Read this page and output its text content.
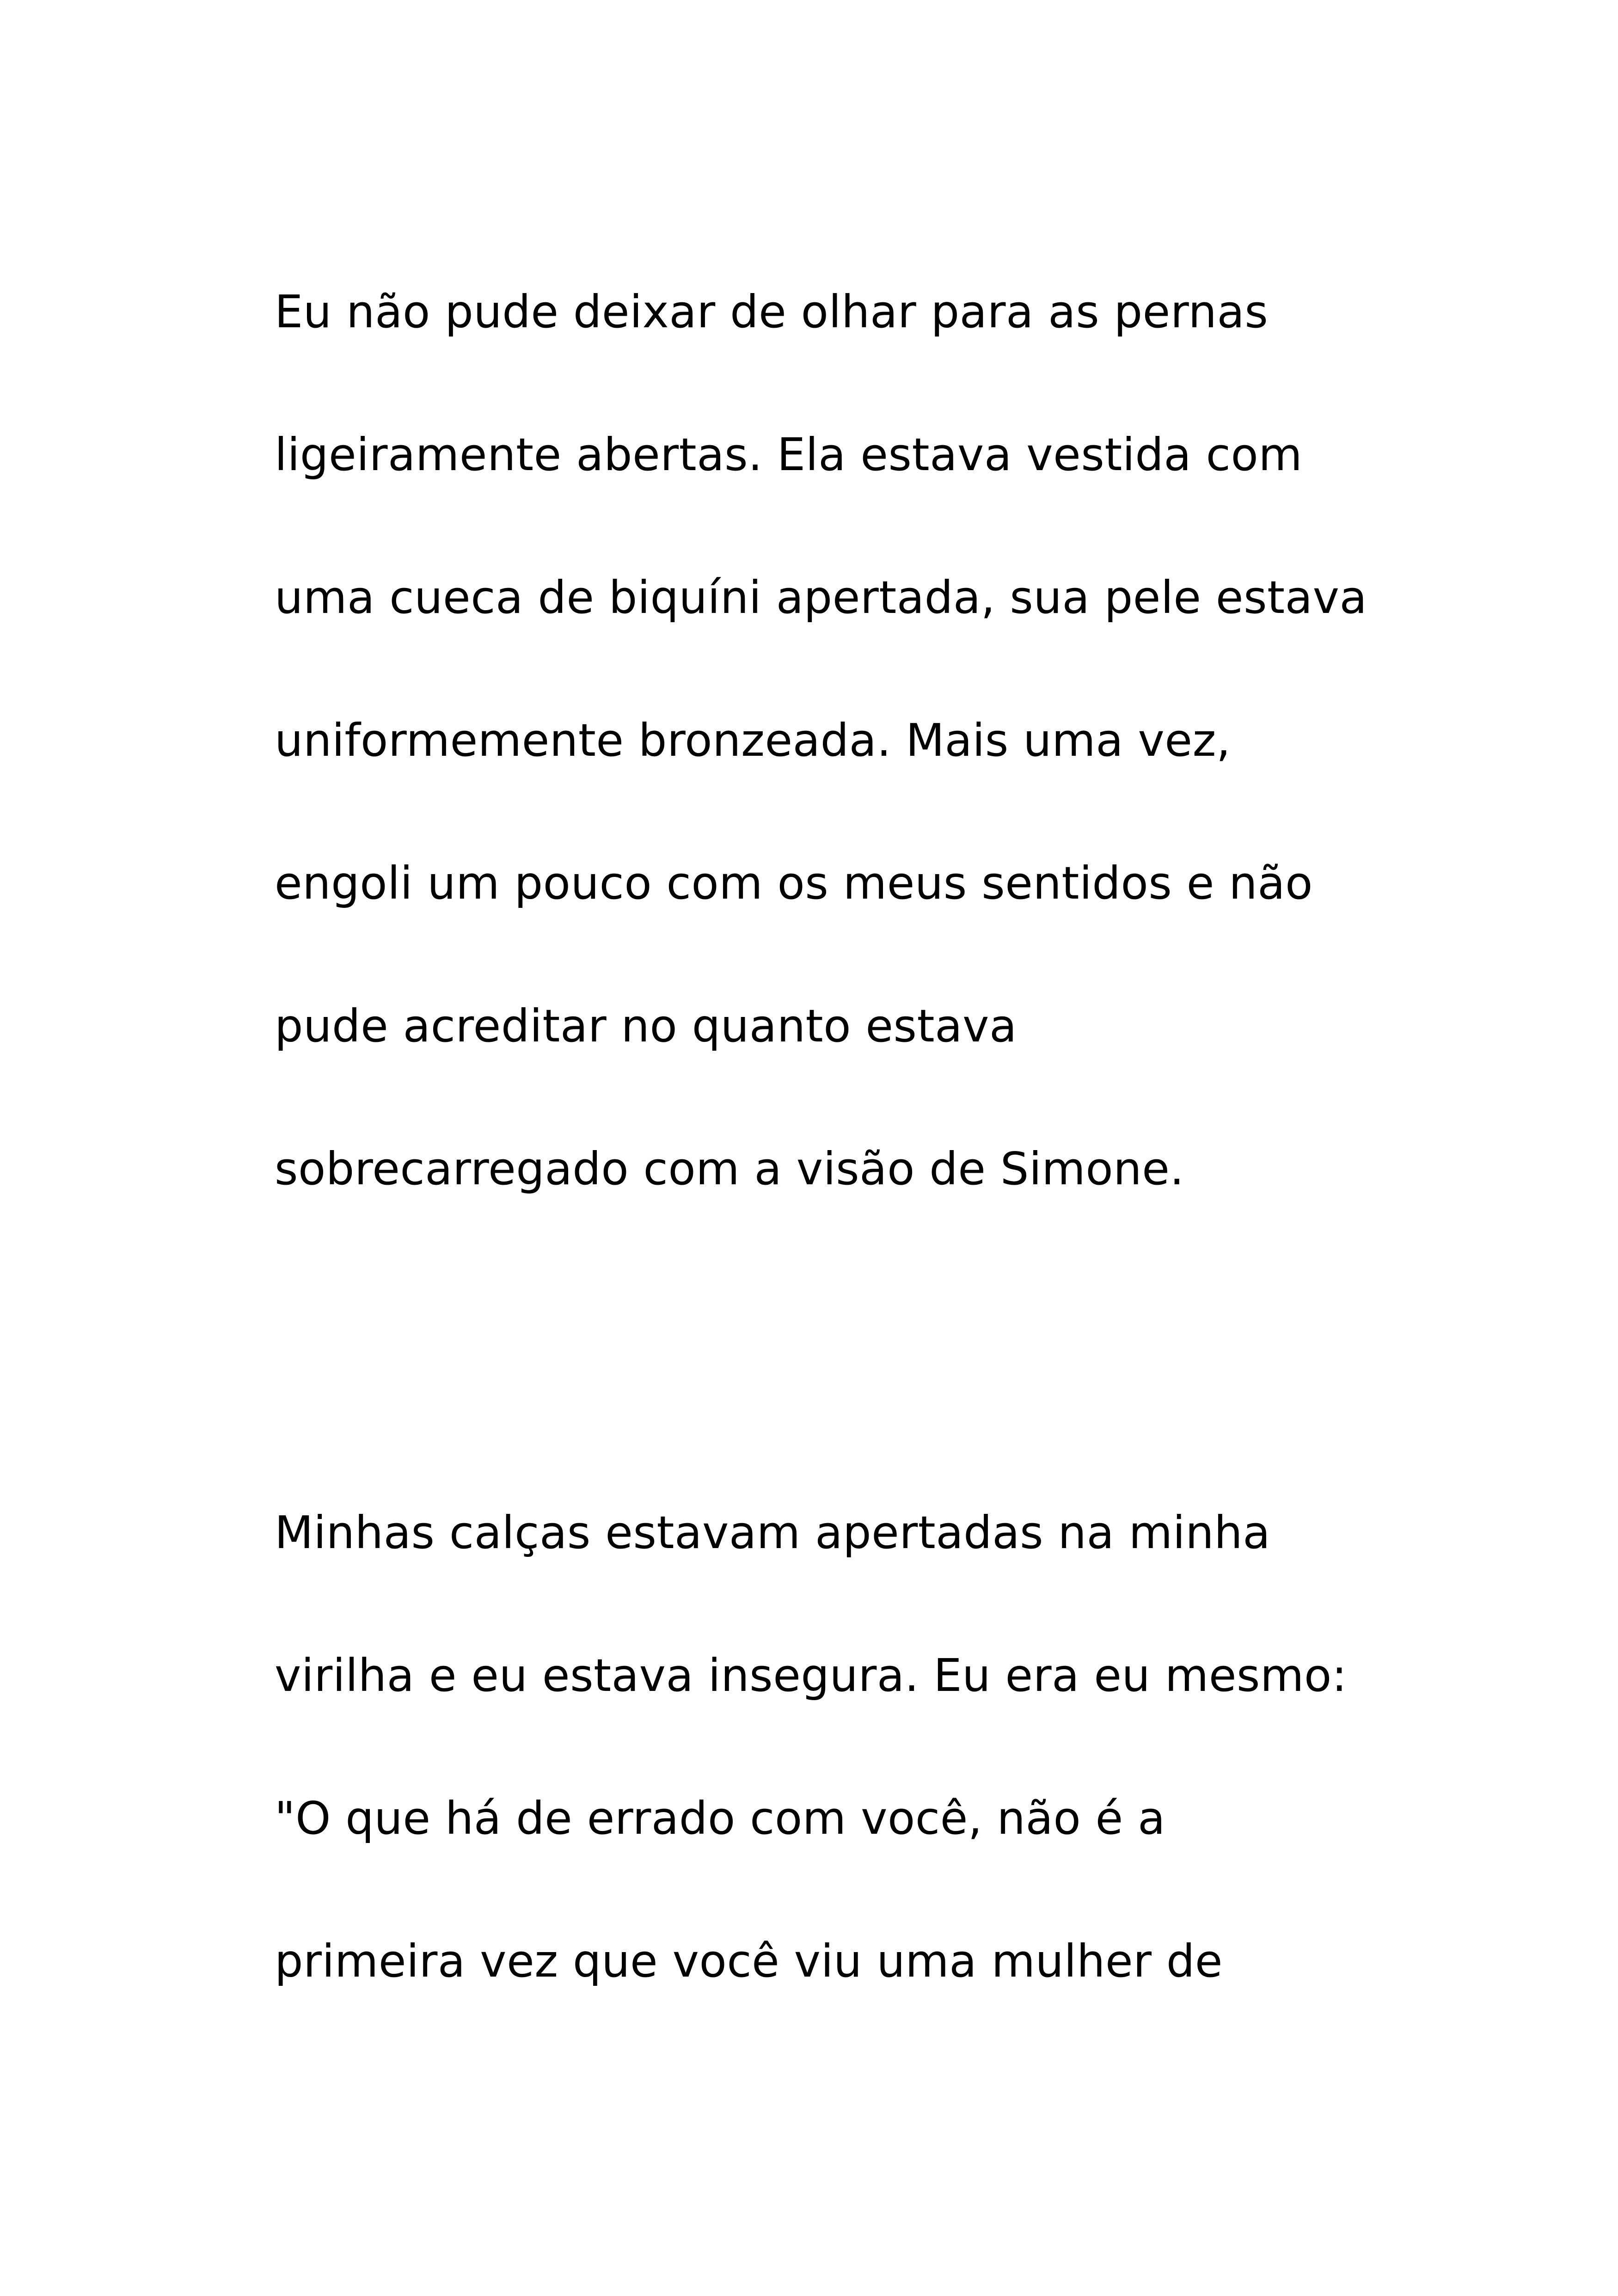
Eu não pude deixar de olhar para as pernas
ligeiramente abertas. Ela estava vestida com
uma cueca de biquíni apertada, sua pele estava
uniformemente bronzeada. Mais uma vez,
engoli um pouco com os meus sentidos e não
pude acreditar no quanto estava
sobrecarregado com a visão de Simone.
Minhas calças estavam apertadas na minha
virilha e eu estava insegura. Eu era eu mesmo:
"O que há de errado com você, não é a
primeira vez que você viu uma mulher de
